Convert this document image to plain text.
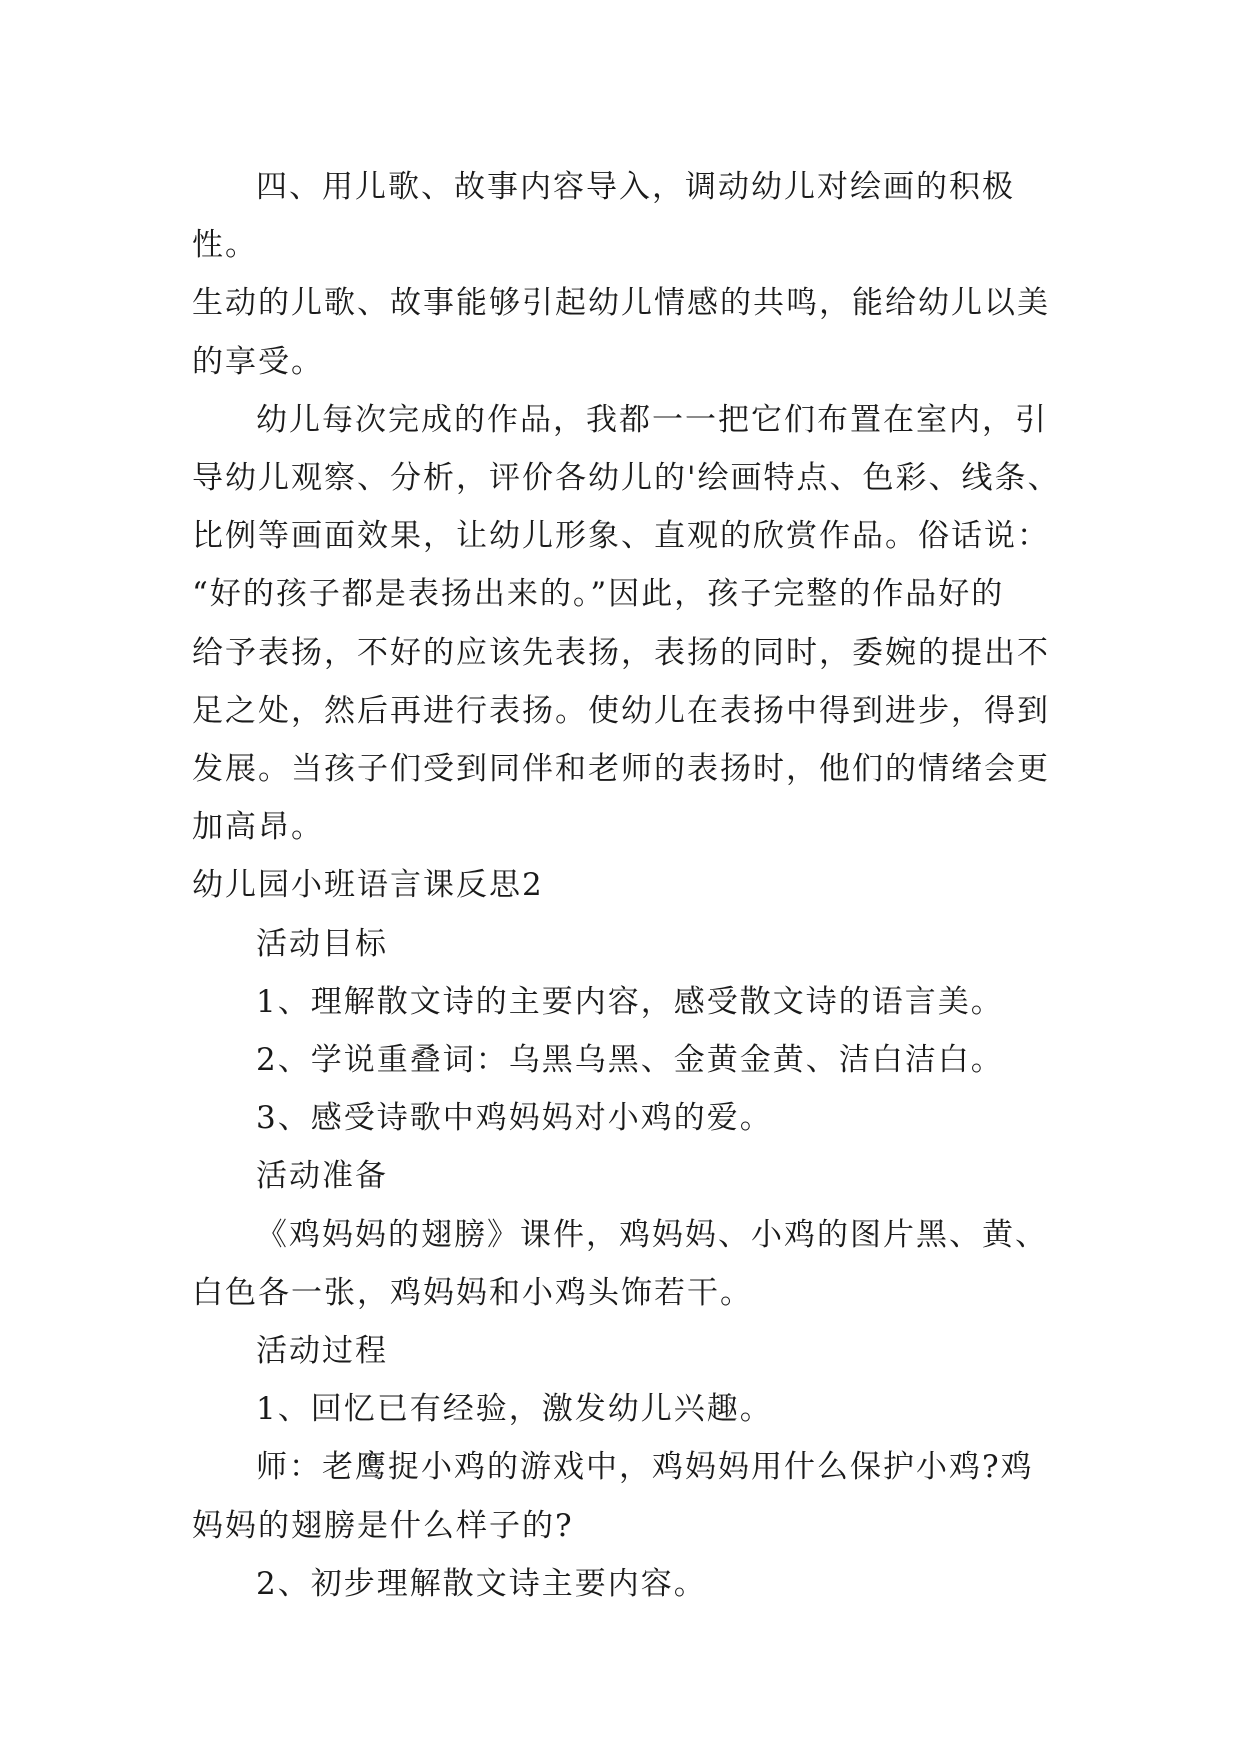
四、用儿歌、故事内容导入，调动幼儿对绘画的积极性。
生动的儿歌、故事能够引起幼儿情感的共鸣，能给幼儿以美
的享受。

幼儿每次完成的作品，我都一一把它们布置在室内，引
导幼儿观察、分析，评价各幼儿的'绘画特点、色彩、线条、
比例等画面效果，让幼儿形象、直观的欣赏作品。俗话说：
“好的孩子都是表扬出来的。”因此，孩子完整的作品好的
给予表扬，不好的应该先表扬，表扬的同时，委婉的提出不
足之处，然后再进行表扬。使幼儿在表扬中得到进步，得到
发展。当孩子们受到同伴和老师的表扬时，他们的情绪会更
加高昂。

幼儿园小班语言课反思2

活动目标

1、理解散文诗的主要内容，感受散文诗的语言美。

2、学说重叠词：乌黑乌黑、金黄金黄、洁白洁白。

3、感受诗歌中鸡妈妈对小鸡的爱。

活动准备

《鸡妈妈的翅膀》课件，鸡妈妈、小鸡的图片黑、黄、
白色各一张，鸡妈妈和小鸡头饰若干。

活动过程

1、回忆已有经验，激发幼儿兴趣。

师：老鹰捉小鸡的游戏中，鸡妈妈用什么保护小鸡?鸡
妈妈的翅膀是什么样子的?

2、初步理解散文诗主要内容。
